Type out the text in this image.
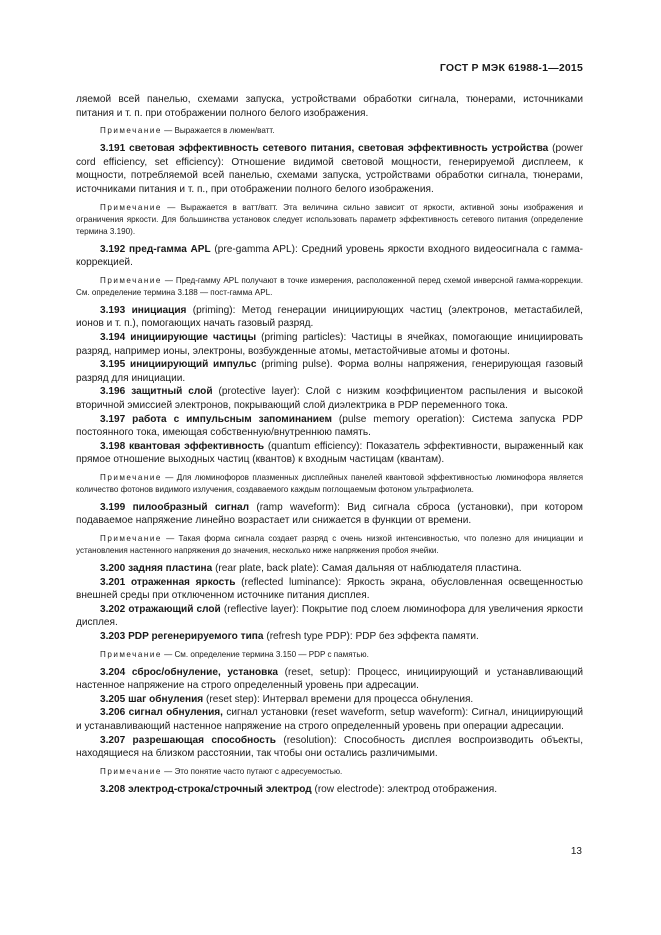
ГОСТ Р МЭК 61988-1—2015

ляемой всей панелью, схемами запуска, устройствами обработки сигнала, тюнерами, источниками питания и т. п. при отображении полного белого изображения.

Примечание — Выражается в люмен/ватт.

3.191 световая эффективность сетевого питания, световая эффективность устройства (power cord efficiency, set efficiency): Отношение видимой световой мощности, генерируемой дисплеем, к мощности, потребляемой всей панелью, схемами запуска, устройствами обработки сигнала, тюнерами, источниками питания и т. п., при отображении полного белого изображения.

Примечание — Выражается в ватт/ватт. Эта величина сильно зависит от яркости, активной зоны изображения и ограничения яркости. Для большинства установок следует использовать параметр эффективность сетевого питания (определение термина 3.190).

3.192 пред-гамма APL (pre-gamma APL): Средний уровень яркости входного видеосигнала с гамма-коррекцией.

Примечание — Пред-гамму APL получают в точке измерения, расположенной перед схемой инверсной гамма-коррекции. См. определение термина 3.188 — пост-гамма APL.

3.193 инициация (priming): Метод генерации инициирующих частиц (электронов, метастабилей, ионов и т. п.), помогающих начать газовый разряд.

3.194 инициирующие частицы (priming particles): Частицы в ячейках, помогающие инициировать разряд, например ионы, электроны, возбужденные атомы, метастойчивые атомы и фотоны.

3.195 инициирующий импульс (priming pulse). Форма волны напряжения, генерирующая газовый разряд для инициации.

3.196 защитный слой (protective layer): Слой с низким коэффициентом распыления и высокой вторичной эмиссией электронов, покрывающий слой диэлектрика в PDP переменного тока.

3.197 работа с импульсным запоминанием (pulse memory operation): Система запуска PDP постоянного тока, имеющая собственную/внутреннюю память.

3.198 квантовая эффективность (quantum efficiency): Показатель эффективности, выраженный как прямое отношение выходных частиц (квантов) к входным частицам (квантам).

Примечание — Для люминофоров плазменных дисплейных панелей квантовой эффективностью люминофора является количество фотонов видимого излучения, создаваемого каждым поглощаемым фотоном ультрафиолета.

3.199 пилообразный сигнал (ramp waveform): Вид сигнала сброса (установки), при котором подаваемое напряжение линейно возрастает или снижается в функции от времени.

Примечание — Такая форма сигнала создает разряд с очень низкой интенсивностью, что полезно для инициации и установления настенного напряжения до значения, несколько ниже напряжения пробоя ячейки.

3.200 задняя пластина (rear plate, back plate): Самая дальняя от наблюдателя пластина.

3.201 отраженная яркость (reflected luminance): Яркость экрана, обусловленная освещенностью внешней среды при отключенном источнике питания дисплея.

3.202 отражающий слой (reflective layer): Покрытие под слоем люминофора для увеличения яркости дисплея.

3.203 PDP регенерируемого типа (refresh type PDP): PDP без эффекта памяти.

Примечание — См. определение термина 3.150 — PDP с памятью.

3.204 сброс/обнуление, установка (reset, setup): Процесс, инициирующий и устанавливающий настенное напряжение на строго определенный уровень при адресации.

3.205 шаг обнуления (reset step): Интервал времени для процесса обнуления.

3.206 сигнал обнуления, сигнал установки (reset waveform, setup waveform): Сигнал, инициирующий и устанавливающий настенное напряжение на строго определенный уровень при операции адресации.

3.207 разрешающая способность (resolution): Способность дисплея воспроизводить объекты, находящиеся на близком расстоянии, так чтобы они остались различимыми.

Примечание — Это понятие часто путают с адресуемостью.

3.208 электрод-строка/строчный электрод (row electrode): электрод отображения.

13
